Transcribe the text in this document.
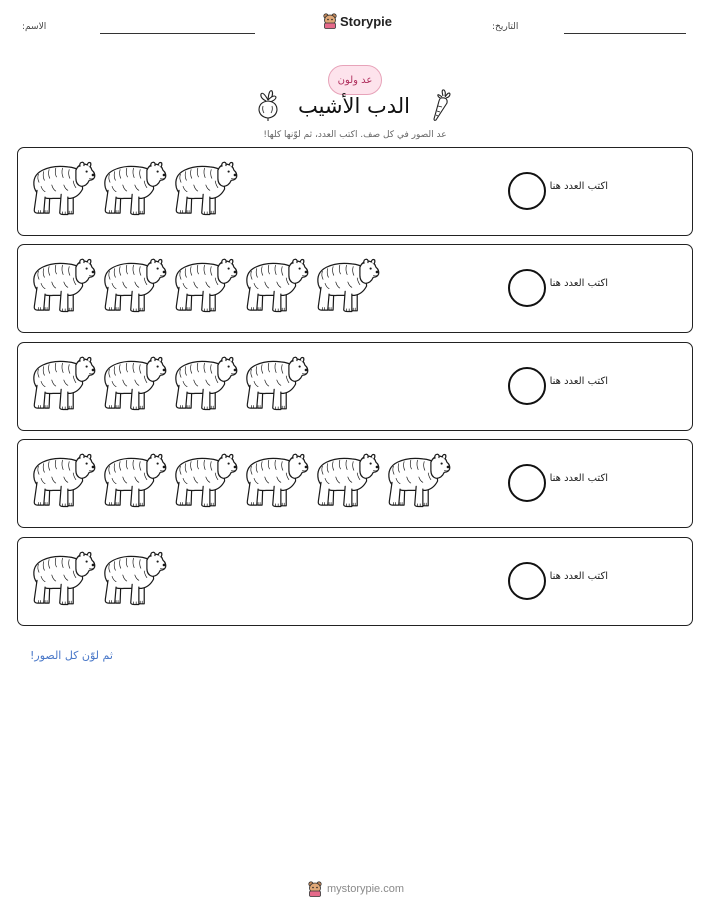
الاسم:	Storypie	التاريخ:
عد ولون
الدب الأشيب
عد الصور في كل صف. اكتب العدد، ثم لوّنها كلها!
اكتب العدد هنا
اكتب العدد هنا
اكتب العدد هنا
اكتب العدد هنا
اكتب العدد هنا
ثم لوّن كل الصور!
mystorypie.com
